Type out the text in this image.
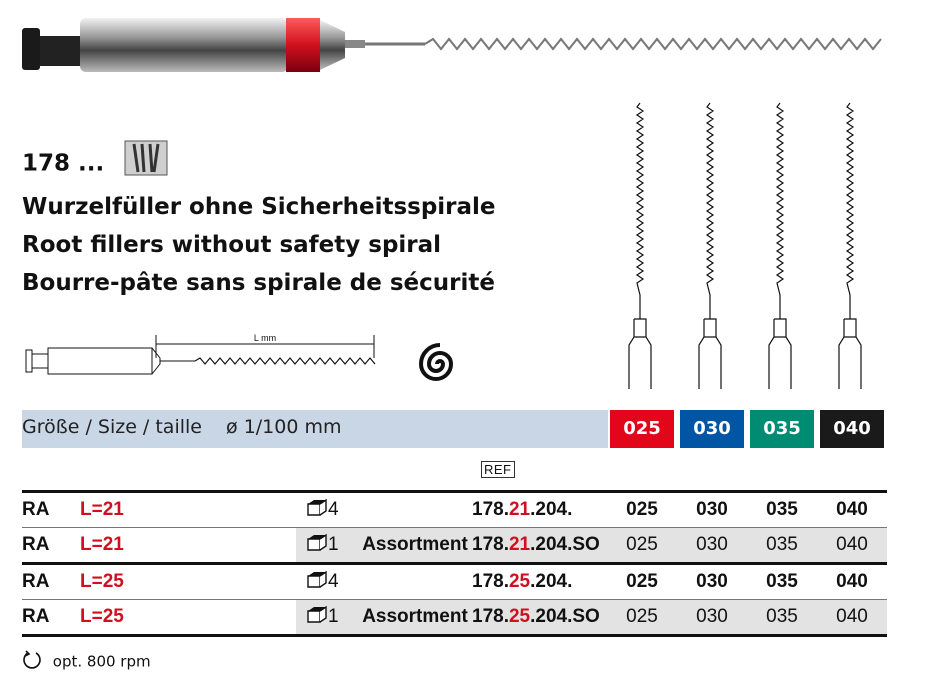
178 ...
Wurzelfüller ohne Sicherheitsspirale
Root fillers without safety spiral
Bourre-pâte sans spirale de sécurité
L mm
Größe / Size / taille ø 1/100 mm	025	030	035	040
REF
RA	L=21	4		178.21.204.	025	030	035	040
RA	L=21	1	Assortment	178.21.204.SO	025	030	035	040
RA	L=25	4		178.25.204.	025	030	035	040
RA	L=25	1	Assortment	178.25.204.SO	025	030	035	040
opt. 800 rpm
